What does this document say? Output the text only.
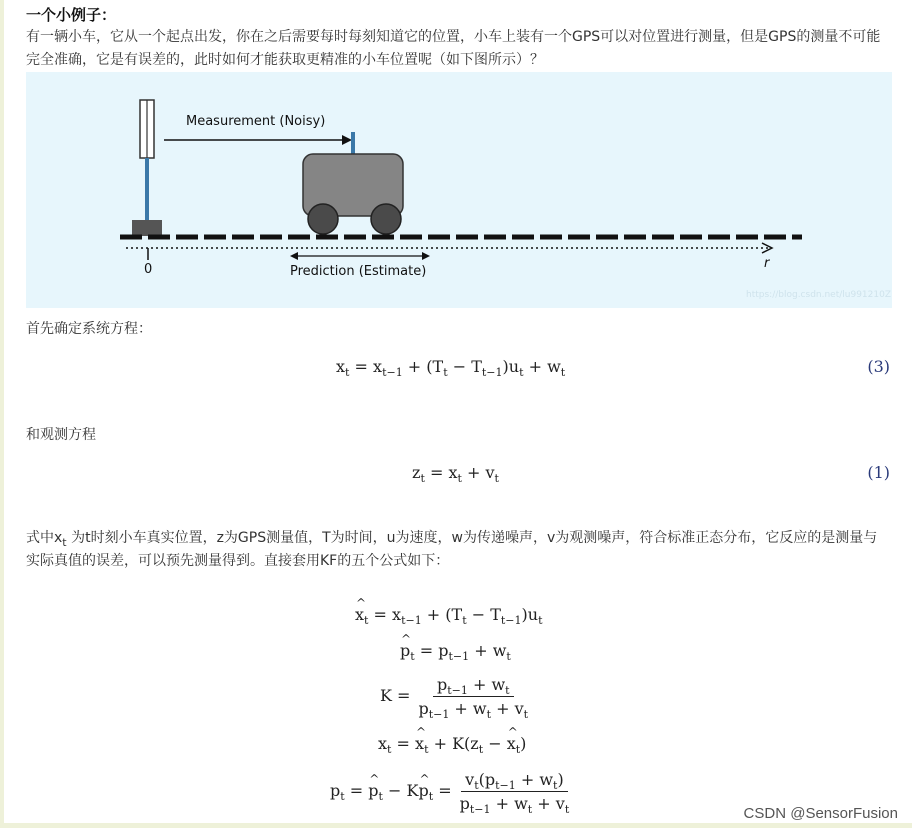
一个小例子：
有一辆小车，它从一个起点出发，你在之后需要每时每刻知道它的位置，小车上装有一个GPS可以对位置进行测量，但是GPS的测量不可能完全准确，它是有误差的，此时如何才能获取更精准的小车位置呢（如下图所示）？
Measurement (Noisy)
0	Prediction (Estimate)
r
https://blog.csdn.net/lu991210Z
首先确定系统方程：
$x_t = x_{t-1} + (T_t - T_{t-1})u_t + w_t$	(3)
和观测方程
$z_t = x_t + v_t$	(1)
式中$x_t$ 为t时刻小车真实位置，z为GPS测量值，T为时间，u为速度，w为传递噪声，v为观测噪声，符合标准正态分布，它反应的是测量与实际真值的误差，可以预先测量得到。直接套用KF的五个公式如下：
^ $x_t = x_{t-1} + (T_t - T_{t-1})u_t$
^ $p_t = p_{t-1} + w_t$
$K = \frac{p_{t-1} + w_t}{p_{t-1} + w_t + v_t}$
$x_t$ = ^ $x_t + K(z_t$ − ^ $x_t$)
$p_t$ = ^ $p_t$ − K^ $p_t = \frac{v_t(p_{t-1} + w_t)}{p_{t-1} + w_t + v_t}$
CSDN @SensorFusion
